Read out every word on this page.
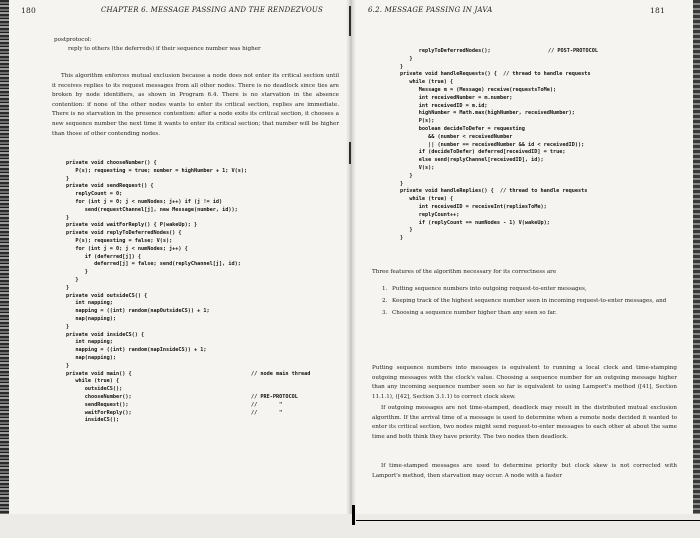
180	CHAPTER 6. MESSAGE PASSING AND THE RENDEZVOUS

postprotocol:

reply to others (the deferreds) if their sequence number was higher

This algorithm enforces mutual exclusion because a node does not enter its critical section until it receives replies to its request messages from all other nodes. There is no deadlock since ties are broken by node identifiers, as shown in Program 6.4. There is no starvation in the absence contention: if none of the other nodes wants to enter its critical section, replies are immediate. There is no starvation in the presence contention: after a node exits its critical section, it chooses a new sequence number the next time it wants to enter its critical section; that number will be higher than those of other contending nodes.
private void chooseNumber() {
P(s); requesting = true; number = highNumber + 1; V(s);
}
private void sendRequest() {
replyCount = 0;
for (int j = 0; j < numNodes; j++) if (j != id)
send(requestChannel[j], new Message(number, id));
}
private void waitForReply() { P(wakeUp); }
private void replyToDeferredNodes() {
P(s); requesting = false; V(s);
for (int j = 0; j < numNodes; j++) {
if (deferred[j]) {
deferred[j] = false; send(replyChannel[j], id);
}
}
}
private void outsideCS() {
int napping;
napping = ((int) random(napOutsideCS)) + 1;
nap(napping);
}
private void insideCS() {
int napping;
napping = ((int) random(napInsideCS)) + 1;
nap(napping);
}
private void main() {
while (true) {
outsideCS();
chooseNumber();
sendRequest();
waitForReply();
insideCS();
// node main thread
// PRE-PROTOCOL
//       "
//       "
6.2. MESSAGE PASSING IN JAVA	181
replyToDeferredNodes();
}
}
private void handleRequests() {  // thread to handle requests
while (true) {
Message m = (Message) receive(requestsToMe);
int receivedNumber = m.number;
int receivedID = m.id;
highNumber = Math.max(highNumber, receivedNumber);
P(s);
boolean decideToDefer = requesting
&& (number < receivedNumber
|| (number == receivedNumber && id < receivedID));
if (decideToDefer) deferred[receivedID] = true;
else send(replyChannel[receivedID], id);
V(s);
}
}
private void handleReplies() {  // thread to handle requests
while (true) {
int receivedID = receiveInt(repliesToMe);
replyCount++;
if (replyCount == numNodes - 1) V(wakeUp);
}
}
// POST-PROTOCOL
Three features of the algorithm necessary for its correctness are
1. Putting sequence numbers into outgoing request-to-enter messages,
2. Keeping track of the highest sequence number seen in incoming request-to-enter messages, and
3. Choosing a sequence number higher than any seen so far.
Putting sequence numbers into messages is equivalent to running a local clock and time-stamping outgoing messages with the clock's value. Choosing a sequence number for an outgoing message higher than any incoming sequence number seen so far is equivalent to using Lamport's method ([41], Section 11.1.1), ([42], Section 3.1.1) to correct clock skew.
If outgoing messages are not time-stamped, deadlock may result in the distributed mutual exclusion algorithm. If the arrival time of a message is used to determine when a remote node decided it wanted to enter its critical section, two nodes might send request-to-enter messages to each other at about the same time and both think they have priority. The two nodes then deadlock.
If time-stamped messages are used to determine priority but clock skew is not corrected with Lamport's method, then starvation may occur. A node with a faster
